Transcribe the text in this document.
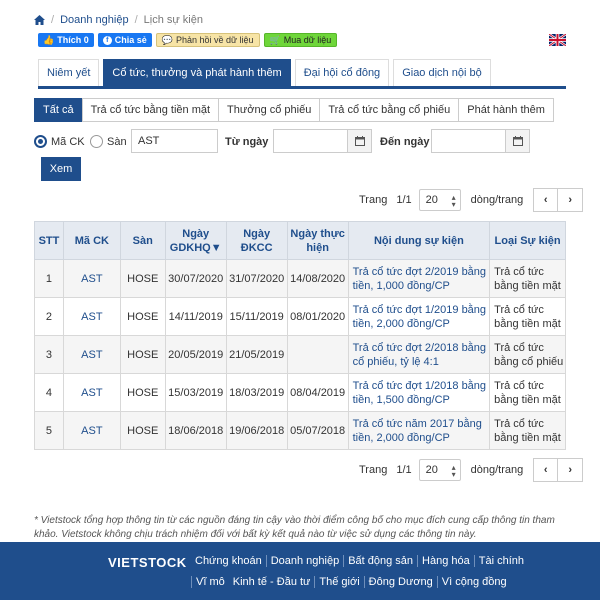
/ Doanh nghiệp / Lịch sự kiện
👍 Thích 0	f Chia sẻ 💬 Phản hồi về dữ liệu 🛒 Mua dữ liệu
Niêm yết	Cổ tức, thưởng và phát hành thêm	Đại hội cổ đông	Giao dịch nội bộ
Tất cả	Trả cổ tức bằng tiền mặt	Thưởng cổ phiếu	Trả cổ tức bằng cổ phiếu	Phát hành thêm
Mã CK Sàn	AST	Từ ngày	Đến ngày
Xem
Trang 1/1 20 ▴
▾ dòng/trang ‹ ›
STT	Mã CK	Sàn	Ngày GDKHQ▼	Ngày ĐKCC	Ngày thực hiện	Nội dung sự kiện	Loại Sự kiện
1	AST	HOSE	30/07/2020	31/07/2020	14/08/2020	Trả cổ tức đợt 2/2019 bằng tiền, 1,000 đồng/CP	Trả cổ tức bằng tiền mặt
2	AST	HOSE	14/11/2019	15/11/2019	08/01/2020	Trả cổ tức đợt 1/2019 bằng tiền, 2,000 đồng/CP	Trả cổ tức bằng tiền mặt
3	AST	HOSE	20/05/2019	21/05/2019		Trả cổ tức đợt 2/2018 bằng cổ phiếu, tỷ lệ 4:1	Trả cổ tức bằng cổ phiếu
4	AST	HOSE	15/03/2019	18/03/2019	08/04/2019	Trả cổ tức đợt 1/2018 bằng tiền, 1,500 đồng/CP	Trả cổ tức bằng tiền mặt
5	AST	HOSE	18/06/2018	19/06/2018	05/07/2018	Trả cổ tức năm 2017 bằng tiền, 2,000 đồng/CP	Trả cổ tức bằng tiền mặt
Trang 1/1 20 ▴
▾ dòng/trang ‹ ›
* Vietstock tổng hợp thông tin từ các nguồn đáng tin cậy vào thời điểm công bố cho mục đích cung cấp thông tin tham khảo. Vietstock không chịu trách nhiệm đối với bất kỳ kết quả nào từ việc sử dụng các thông tin này.
VIETSTOCK Chứng khoán Doanh nghiệp Bất động sản Hàng hóa Tài chính
Vĩ mô Kinh tế - Đầu tư Thế giới Đông Dương Vì cộng đồng
